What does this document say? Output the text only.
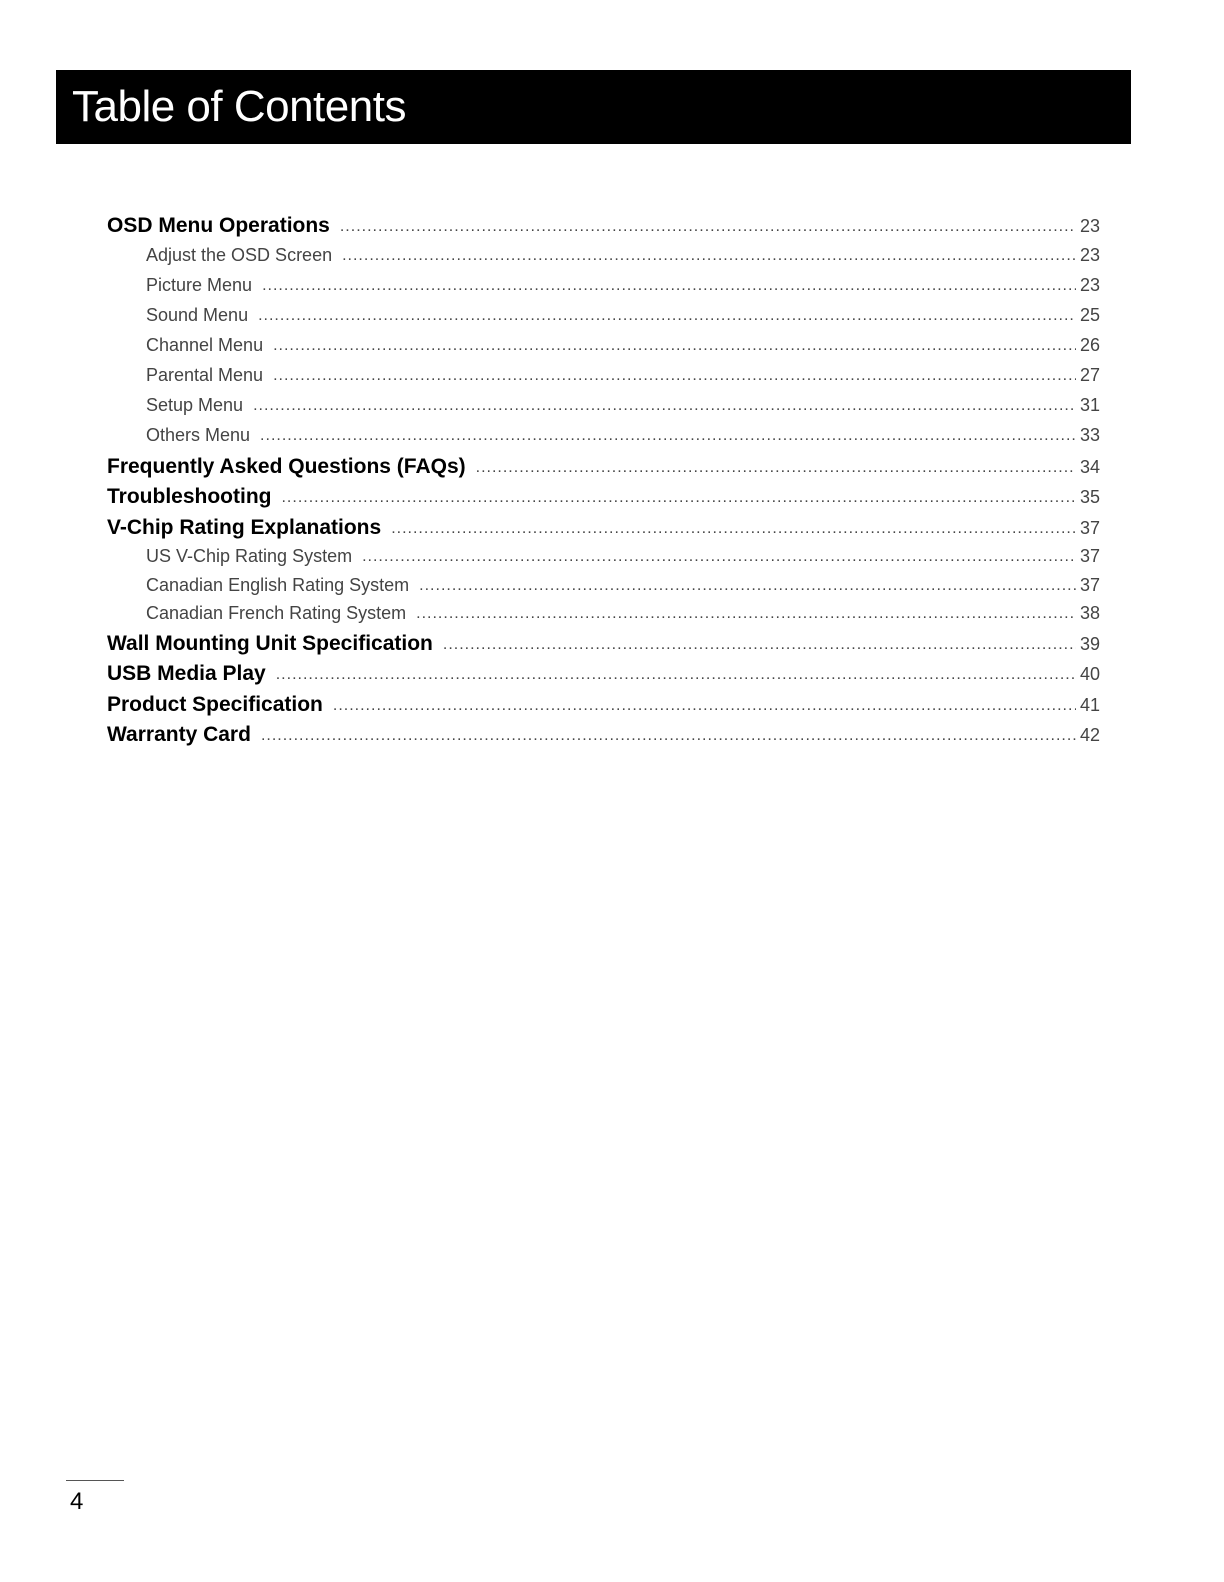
Table of Contents
OSD Menu Operations .....	23
Adjust the OSD Screen .....	23
Picture Menu .....	23
Sound Menu .....	25
Channel Menu .....	26
Parental Menu .....	27
Setup Menu .....	31
Others Menu .....	33
Frequently Asked Questions (FAQs) .....	34
Troubleshooting .....	35
V-Chip Rating Explanations .....	37
US V-Chip Rating System .....	37
Canadian English Rating System .....	37
Canadian French Rating System .....	38
Wall Mounting Unit Specification .....	39
USB Media Play .....	40
Product Specification .....	41
Warranty Card .....	42
4
